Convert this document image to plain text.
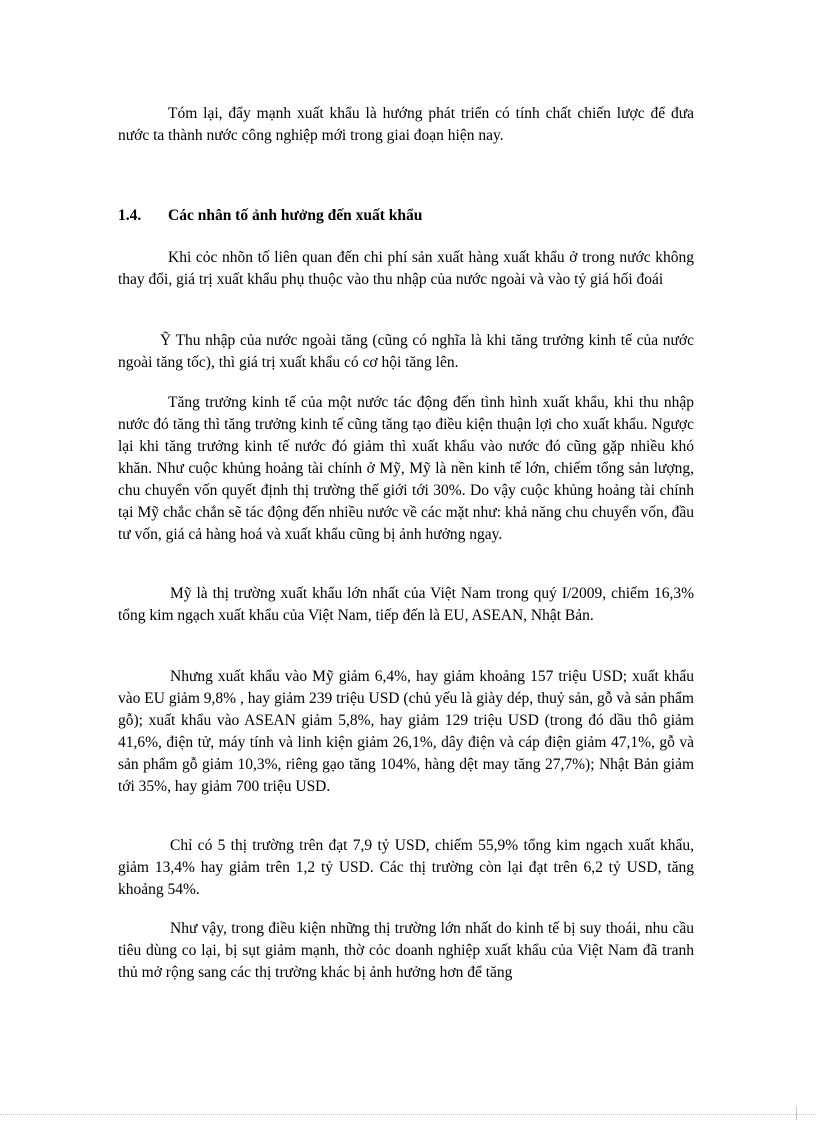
Tóm lại, đẩy mạnh xuất khẩu là hướng phát triển có tính chất chiến lược để đưa nước ta thành nước công nghiệp mới trong giai đoạn hiện nay.

1.4. Các nhân tố ảnh hưởng đến xuất khẩu

Khi cỏc nhõn tố liên quan đến chi phí sản xuất hàng xuất khẩu ở trong nước không thay đổi, giá trị xuất khẩu phụ thuộc vào thu nhập của nước ngoài và vào tỷ giá hối đoái

Ỹ Thu nhập của nước ngoài tăng (cũng có nghĩa là khi tăng trưởng kinh tế của nước ngoài tăng tốc), thì giá trị xuất khẩu có cơ hội tăng lên.

Tăng trưởng kinh tế của một nước tác động đến tình hình xuất khẩu, khi thu nhập nước đó tăng thì tăng trưởng kinh tế cũng tăng tạo điều kiện thuận lợi cho xuất khẩu. Ngược lại khi tăng trưởng kinh tế nước đó giảm thì xuất khẩu vào nước đó cũng gặp nhiều khó khăn. Như cuộc khủng hoảng tài chính ở Mỹ, Mỹ là nền kinh tế lớn, chiếm tổng sản lượng, chu chuyển vốn quyết định thị trường thế giới tới 30%. Do vậy cuộc khủng hoảng tài chính tại Mỹ chắc chắn sẽ tác động đến nhiều nước về các mặt như: khả năng chu chuyển vốn, đầu tư vốn, giá cả hàng hoá và xuất khẩu cũng bị ảnh hưởng ngay.

Mỹ là thị trường xuất khẩu lớn nhất của Việt Nam trong quý I/2009, chiếm 16,3% tổng kim ngạch xuất khẩu của Việt Nam, tiếp đến là EU, ASEAN, Nhật Bản.

Nhưng xuất khẩu vào Mỹ giảm 6,4%, hay giảm khoảng 157 triệu USD; xuất khẩu vào EU giảm 9,8% , hay giảm 239 triệu USD (chủ yếu là giày dép, thuỷ sản, gỗ và sản phẩm gỗ); xuất khẩu vào ASEAN giảm 5,8%, hay giảm 129 triệu USD (trong đó dầu thô giảm 41,6%, điện tử, máy tính và linh kiện giảm 26,1%, dây điện và cáp điện giảm 47,1%, gỗ và sản phẩm gỗ giảm 10,3%, riêng gạo tăng 104%, hàng dệt may tăng 27,7%); Nhật Bản giảm tới 35%, hay giảm 700 triệu USD.

Chỉ có 5 thị trường trên đạt 7,9 tỷ USD, chiếm 55,9% tổng kim ngạch xuất khẩu, giảm 13,4% hay giảm trên 1,2 tỷ USD. Các thị trường còn lại đạt trên 6,2 tỷ USD, tăng khoảng 54%.

Như vậy, trong điều kiện những thị trường lớn nhất do kinh tế bị suy thoái, nhu cầu tiêu dùng co lại, bị sụt giảm mạnh, thờ cỏc doanh nghiệp xuất khẩu của Việt Nam đã tranh thủ mở rộng sang các thị trường khác bị ảnh hưởng hơn để tăng
